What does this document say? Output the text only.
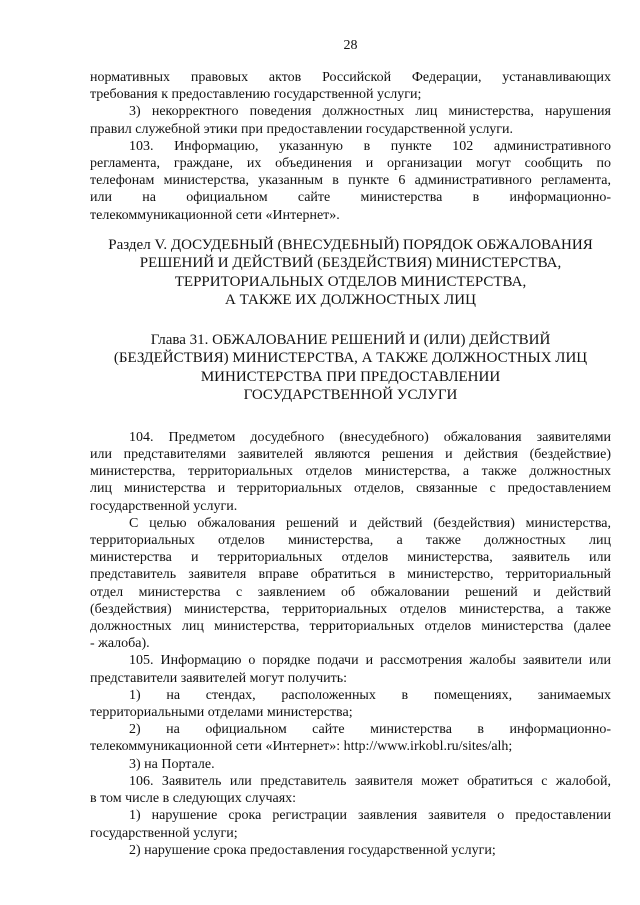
28

нормативных правовых актов Российской Федерации, устанавливающих

требования к предоставлению государственной услуги;

3) некорректного поведения должностных лиц министерства, нарушения

правил служебной этики при предоставлении государственной услуги.

103. Информацию, указанную в пункте 102 административного

регламента, граждане, их объединения и организации могут сообщить по

телефонам министерства, указанным в пункте 6 административного регламента,

или на официальном сайте министерства в информационно-

телекоммуникационной сети «Интернет».

Раздел V. ДОСУДЕБНЫЙ (ВНЕСУДЕБНЫЙ) ПОРЯДОК ОБЖАЛОВАНИЯ

РЕШЕНИЙ И ДЕЙСТВИЙ (БЕЗДЕЙСТВИЯ) МИНИСТЕРСТВА,

ТЕРРИТОРИАЛЬНЫХ ОТДЕЛОВ МИНИСТЕРСТВА,

А ТАКЖЕ ИХ ДОЛЖНОСТНЫХ ЛИЦ

Глава 31. ОБЖАЛОВАНИЕ РЕШЕНИЙ И (ИЛИ) ДЕЙСТВИЙ

(БЕЗДЕЙСТВИЯ) МИНИСТЕРСТВА, А ТАКЖЕ ДОЛЖНОСТНЫХ ЛИЦ

МИНИСТЕРСТВА ПРИ ПРЕДОСТАВЛЕНИИ

ГОСУДАРСТВЕННОЙ УСЛУГИ

104. Предметом досудебного (внесудебного) обжалования заявителями

или представителями заявителей являются решения и действия (бездействие)

министерства, территориальных отделов министерства, а также должностных

лиц министерства и территориальных отделов, связанные с предоставлением

государственной услуги.

С целью обжалования решений и действий (бездействия) министерства,

территориальных отделов министерства, а также должностных лиц

министерства и территориальных отделов министерства, заявитель или

представитель заявителя вправе обратиться в министерство, территориальный

отдел министерства с заявлением об обжаловании решений и действий

(бездействия) министерства, территориальных отделов министерства, а также

должностных лиц министерства, территориальных отделов министерства (далее

- жалоба).

105. Информацию о порядке подачи и рассмотрения жалобы заявители или

представители заявителей могут получить:

1) на стендах, расположенных в помещениях, занимаемых

территориальными отделами министерства;

2) на официальном сайте министерства в информационно-

телекоммуникационной сети «Интернет»: http://www.irkobl.ru/sites/alh;

3) на Портале.

106. Заявитель или представитель заявителя может обратиться с жалобой,

в том числе в следующих случаях:

1) нарушение срока регистрации заявления заявителя о предоставлении

государственной услуги;

2) нарушение срока предоставления государственной услуги;
